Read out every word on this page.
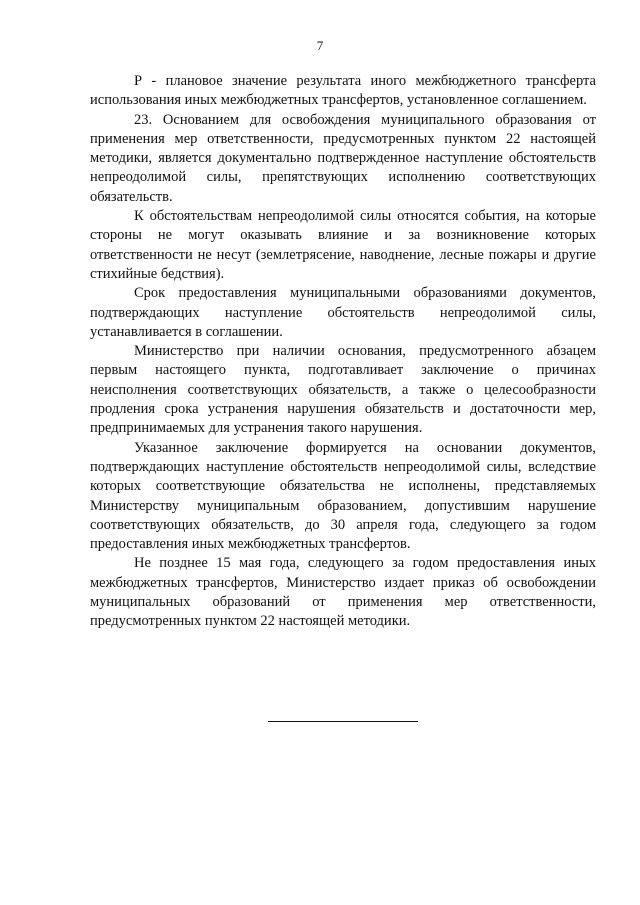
7

Р - плановое значение результата иного межбюджетного трансферта использования иных межбюджетных трансфертов, установленное соглашением.

23. Основанием для освобождения муниципального образования от применения мер ответственности, предусмотренных пунктом 22 настоящей методики, является документально подтвержденное наступление обстоятельств непреодолимой силы, препятствующих исполнению соответствующих обязательств.

К обстоятельствам непреодолимой силы относятся события, на которые стороны не могут оказывать влияние и за возникновение которых ответственности не несут (землетрясение, наводнение, лесные пожары и другие стихийные бедствия).

Срок предоставления муниципальными образованиями документов, подтверждающих наступление обстоятельств непреодолимой силы, устанавливается в соглашении.

Министерство при наличии основания, предусмотренного абзацем первым настоящего пункта, подготавливает заключение о причинах неисполнения соответствующих обязательств, а также о целесообразности продления срока устранения нарушения обязательств и достаточности мер, предпринимаемых для устранения такого нарушения.

Указанное заключение формируется на основании документов, подтверждающих наступление обстоятельств непреодолимой силы, вследствие которых соответствующие обязательства не исполнены, представляемых Министерству муниципальным образованием, допустившим нарушение соответствующих обязательств, до 30 апреля года, следующего за годом предоставления иных межбюджетных трансфертов.

Не позднее 15 мая года, следующего за годом предоставления иных межбюджетных трансфертов, Министерство издает приказ об освобождении муниципальных образований от применения мер ответственности, предусмотренных пунктом 22 настоящей методики.
